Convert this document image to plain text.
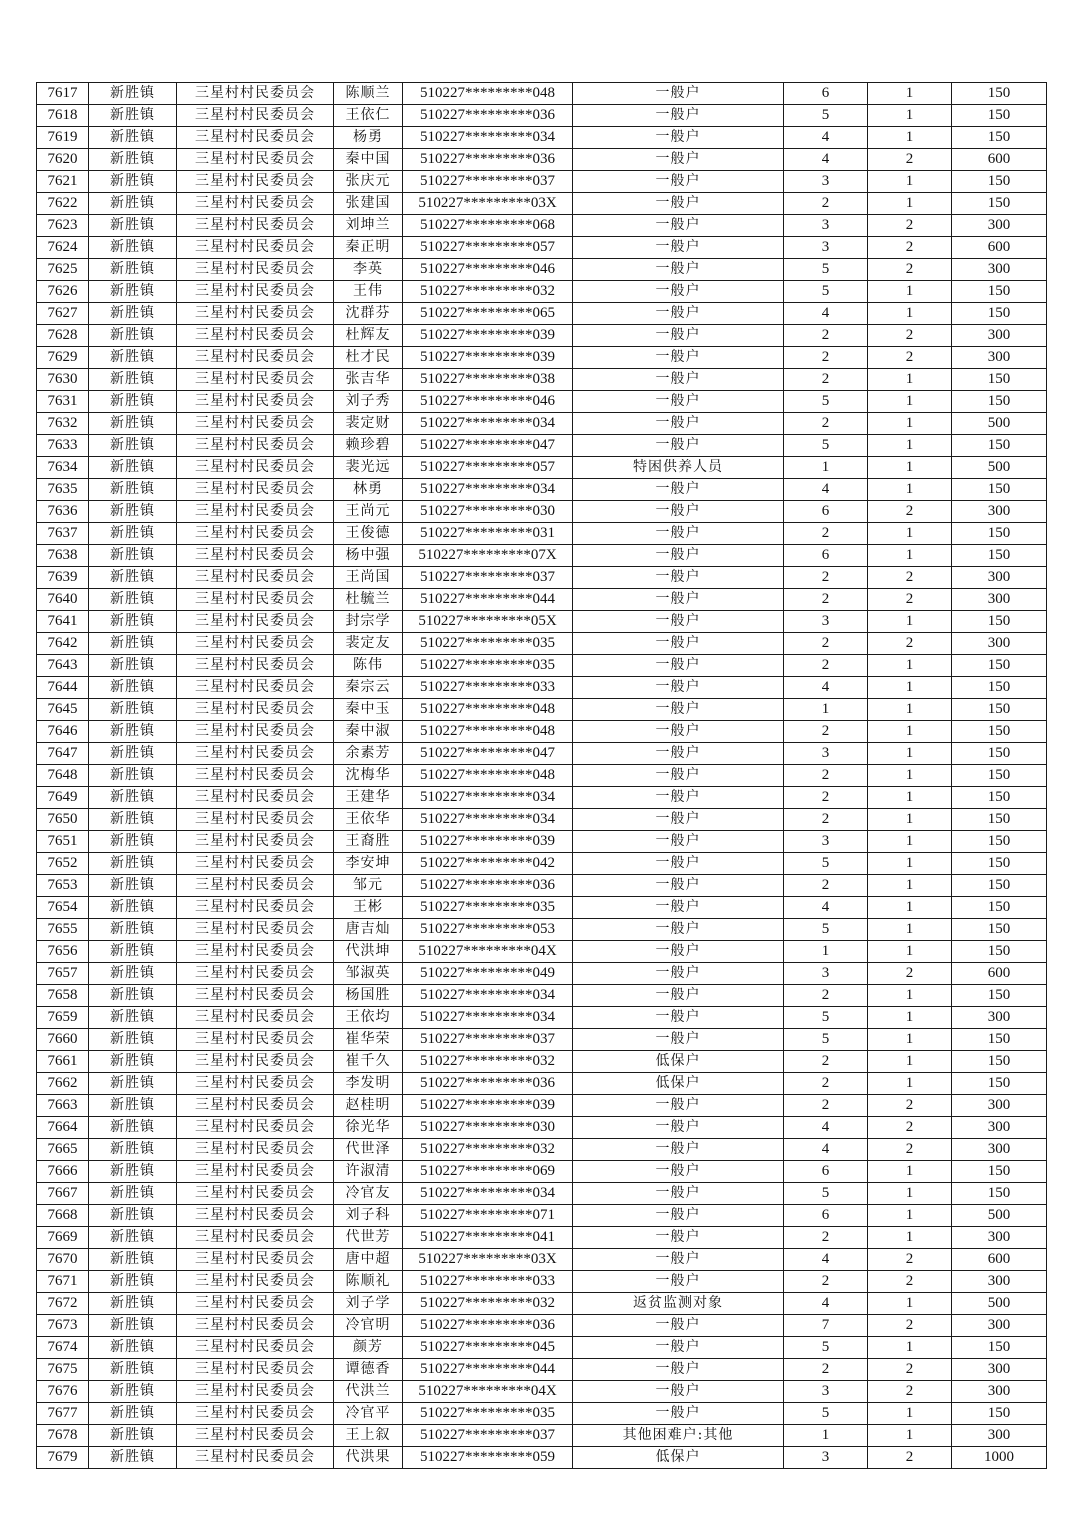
7617	新胜镇	三星村村民委员会	陈顺兰	510227*********048	一般户	6	1	150
7618	新胜镇	三星村村民委员会	王依仁	510227*********036	一般户	5	1	150
7619	新胜镇	三星村村民委员会	杨勇	510227*********034	一般户	4	1	150
7620	新胜镇	三星村村民委员会	秦中国	510227*********036	一般户	4	2	600
7621	新胜镇	三星村村民委员会	张庆元	510227*********037	一般户	3	1	150
7622	新胜镇	三星村村民委员会	张建国	510227*********03X	一般户	2	1	150
7623	新胜镇	三星村村民委员会	刘坤兰	510227*********068	一般户	3	2	300
7624	新胜镇	三星村村民委员会	秦正明	510227*********057	一般户	3	2	600
7625	新胜镇	三星村村民委员会	李英	510227*********046	一般户	5	2	300
7626	新胜镇	三星村村民委员会	王伟	510227*********032	一般户	5	1	150
7627	新胜镇	三星村村民委员会	沈群芬	510227*********065	一般户	4	1	150
7628	新胜镇	三星村村民委员会	杜辉友	510227*********039	一般户	2	2	300
7629	新胜镇	三星村村民委员会	杜才民	510227*********039	一般户	2	2	300
7630	新胜镇	三星村村民委员会	张吉华	510227*********038	一般户	2	1	150
7631	新胜镇	三星村村民委员会	刘子秀	510227*********046	一般户	5	1	150
7632	新胜镇	三星村村民委员会	裴定财	510227*********034	一般户	2	1	500
7633	新胜镇	三星村村民委员会	赖珍碧	510227*********047	一般户	5	1	150
7634	新胜镇	三星村村民委员会	裴光远	510227*********057	特困供养人员	1	1	500
7635	新胜镇	三星村村民委员会	林勇	510227*********034	一般户	4	1	150
7636	新胜镇	三星村村民委员会	王尚元	510227*********030	一般户	6	2	300
7637	新胜镇	三星村村民委员会	王俊德	510227*********031	一般户	2	1	150
7638	新胜镇	三星村村民委员会	杨中强	510227*********07X	一般户	6	1	150
7639	新胜镇	三星村村民委员会	王尚国	510227*********037	一般户	2	2	300
7640	新胜镇	三星村村民委员会	杜毓兰	510227*********044	一般户	2	2	300
7641	新胜镇	三星村村民委员会	封宗学	510227*********05X	一般户	3	1	150
7642	新胜镇	三星村村民委员会	裴定友	510227*********035	一般户	2	2	300
7643	新胜镇	三星村村民委员会	陈伟	510227*********035	一般户	2	1	150
7644	新胜镇	三星村村民委员会	秦宗云	510227*********033	一般户	4	1	150
7645	新胜镇	三星村村民委员会	秦中玉	510227*********048	一般户	1	1	150
7646	新胜镇	三星村村民委员会	秦中淑	510227*********048	一般户	2	1	150
7647	新胜镇	三星村村民委员会	余素芳	510227*********047	一般户	3	1	150
7648	新胜镇	三星村村民委员会	沈梅华	510227*********048	一般户	2	1	150
7649	新胜镇	三星村村民委员会	王建华	510227*********034	一般户	2	1	150
7650	新胜镇	三星村村民委员会	王依华	510227*********034	一般户	2	1	150
7651	新胜镇	三星村村民委员会	王裔胜	510227*********039	一般户	3	1	150
7652	新胜镇	三星村村民委员会	李安坤	510227*********042	一般户	5	1	150
7653	新胜镇	三星村村民委员会	邹元	510227*********036	一般户	2	1	150
7654	新胜镇	三星村村民委员会	王彬	510227*********035	一般户	4	1	150
7655	新胜镇	三星村村民委员会	唐吉灿	510227*********053	一般户	5	1	150
7656	新胜镇	三星村村民委员会	代洪坤	510227*********04X	一般户	1	1	150
7657	新胜镇	三星村村民委员会	邹淑英	510227*********049	一般户	3	2	600
7658	新胜镇	三星村村民委员会	杨国胜	510227*********034	一般户	2	1	150
7659	新胜镇	三星村村民委员会	王依均	510227*********034	一般户	5	1	300
7660	新胜镇	三星村村民委员会	崔华荣	510227*********037	一般户	5	1	150
7661	新胜镇	三星村村民委员会	崔千久	510227*********032	低保户	2	1	150
7662	新胜镇	三星村村民委员会	李发明	510227*********036	低保户	2	1	150
7663	新胜镇	三星村村民委员会	赵桂明	510227*********039	一般户	2	2	300
7664	新胜镇	三星村村民委员会	徐光华	510227*********030	一般户	4	2	300
7665	新胜镇	三星村村民委员会	代世泽	510227*********032	一般户	4	2	300
7666	新胜镇	三星村村民委员会	许淑清	510227*********069	一般户	6	1	150
7667	新胜镇	三星村村民委员会	冷官友	510227*********034	一般户	5	1	150
7668	新胜镇	三星村村民委员会	刘子科	510227*********071	一般户	6	1	500
7669	新胜镇	三星村村民委员会	代世芳	510227*********041	一般户	2	1	300
7670	新胜镇	三星村村民委员会	唐中超	510227*********03X	一般户	4	2	600
7671	新胜镇	三星村村民委员会	陈顺礼	510227*********033	一般户	2	2	300
7672	新胜镇	三星村村民委员会	刘子学	510227*********032	返贫监测对象	4	1	500
7673	新胜镇	三星村村民委员会	冷官明	510227*********036	一般户	7	2	300
7674	新胜镇	三星村村民委员会	颜芳	510227*********045	一般户	5	1	150
7675	新胜镇	三星村村民委员会	谭德香	510227*********044	一般户	2	2	300
7676	新胜镇	三星村村民委员会	代洪兰	510227*********04X	一般户	3	2	300
7677	新胜镇	三星村村民委员会	冷官平	510227*********035	一般户	5	1	150
7678	新胜镇	三星村村民委员会	王上叙	510227*********037	其他困难户:其他	1	1	300
7679	新胜镇	三星村村民委员会	代洪果	510227*********059	低保户	3	2	1000
